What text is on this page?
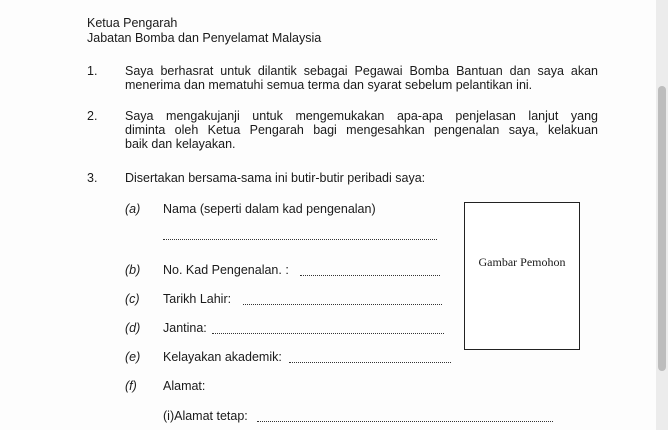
Ketua Pengarah
Jabatan Bomba dan Penyelamat Malaysia
1. Saya berhasrat untuk dilantik sebagai Pegawai Bomba Bantuan dan saya akan
menerima dan mematuhi semua terma dan syarat sebelum pelantikan ini.
2. Saya mengakujanji untuk mengemukakan apa-apa penjelasan lanjut yang
diminta oleh Ketua Pengarah bagi mengesahkan pengenalan saya, kelakuan
baik dan kelayakan.
3. Disertakan bersama-sama ini butir-butir peribadi saya:
(a) Nama (seperti dalam kad pengenalan)
(b) No. Kad Pengenalan. :
(c) Tarikh Lahir:
(d) Jantina:
(e) Kelayakan akademik:
(f) Alamat:
(i)Alamat tetap:
Gambar Pemohon
